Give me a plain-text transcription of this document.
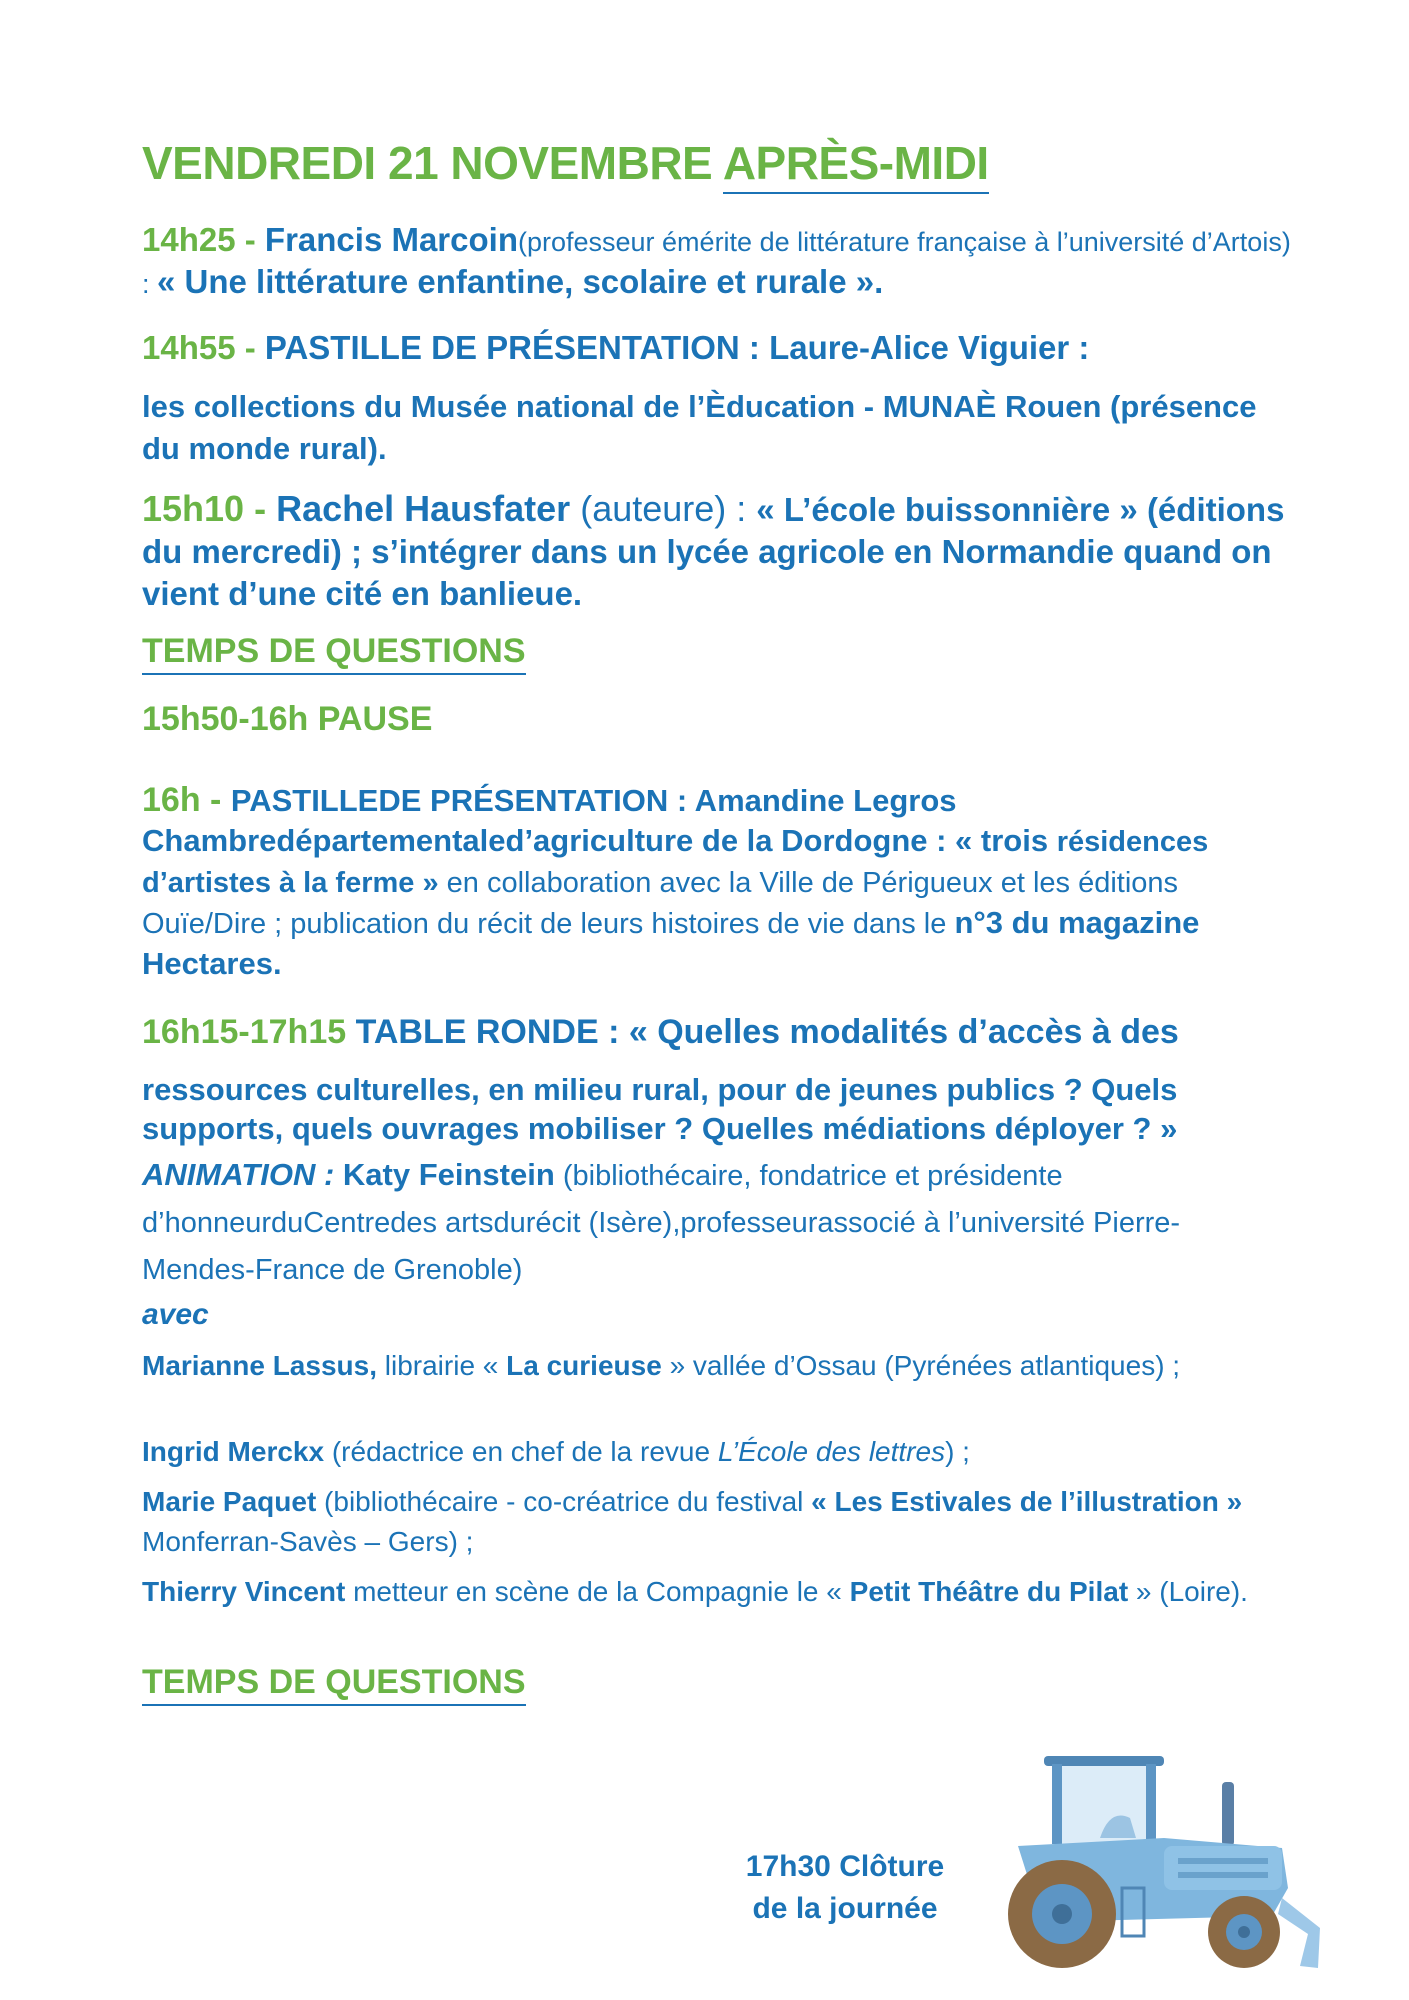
VENDREDI 21 NOVEMBRE APRÈS-MIDI

14h25 - Francis Marcoin(professeur émérite de littérature française à l’université d’Artois) : « Une littérature enfantine, scolaire et rurale ».

14h55 - PASTILLE DE PRÉSENTATION : Laure-Alice Viguier :

les collections du Musée national de l’Èducation - MUNAÈ Rouen (présence du monde rural).

15h10 - Rachel Hausfater (auteure) : « L’école buissonnière » (éditions du mercredi) ; s’intégrer dans un lycée agricole en Normandie quand on vient d’une cité en banlieue.

TEMPS DE QUESTIONS

15h50-16h PAUSE

16h - PASTILLEDE PRÉSENTATION : Amandine Legros Chambredépartementaled’agriculture de la Dordogne : « trois résidences d’artistes à la ferme » en collaboration avec la Ville de Périgueux et les éditions Ouïe/Dire ; publication du récit de leurs histoires de vie dans le n°3 du magazine Hectares.

16h15-17h15 TABLE RONDE : « Quelles modalités d’accès à des

ressources culturelles, en milieu rural, pour de jeunes publics ? Quels supports, quels ouvrages mobiliser ? Quelles médiations déployer ? »

ANIMATION : Katy Feinstein (bibliothécaire, fondatrice et présidente d’honneurduCentredes artsdurécit (Isère),professeurassocié à l’université Pierre-Mendes-France de Grenoble)

avec

Marianne Lassus, librairie « La curieuse » vallée d’Ossau (Pyrénées atlantiques) ;

Ingrid Merckx (rédactrice en chef de la revue L’École des lettres) ;

Marie Paquet (bibliothécaire - co-créatrice du festival « Les Estivales de l’illustration » Monferran-Savès – Gers) ;

Thierry Vincent metteur en scène de la Compagnie le « Petit Théâtre du Pilat » (Loire).

TEMPS DE QUESTIONS

17h30 Clôture
de la journée
